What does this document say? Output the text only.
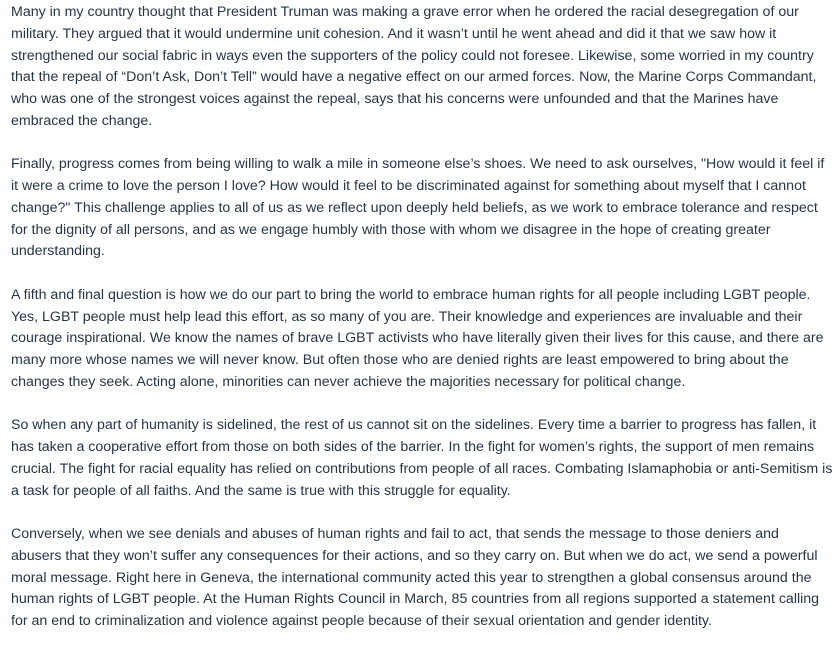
Many in my country thought that President Truman was making a grave error when he ordered the racial desegregation of our military. They argued that it would undermine unit cohesion. And it wasn’t until he went ahead and did it that we saw how it strengthened our social fabric in ways even the supporters of the policy could not foresee. Likewise, some worried in my country that the repeal of “Don’t Ask, Don’t Tell” would have a negative effect on our armed forces. Now, the Marine Corps Commandant, who was one of the strongest voices against the repeal, says that his concerns were unfounded and that the Marines have embraced the change.

Finally, progress comes from being willing to walk a mile in someone else’s shoes. We need to ask ourselves, "How would it feel if it were a crime to love the person I love? How would it feel to be discriminated against for something about myself that I cannot change?" This challenge applies to all of us as we reflect upon deeply held beliefs, as we work to embrace tolerance and respect for the dignity of all persons, and as we engage humbly with those with whom we disagree in the hope of creating greater understanding.

A fifth and final question is how we do our part to bring the world to embrace human rights for all people including LGBT people. Yes, LGBT people must help lead this effort, as so many of you are. Their knowledge and experiences are invaluable and their courage inspirational. We know the names of brave LGBT activists who have literally given their lives for this cause, and there are many more whose names we will never know. But often those who are denied rights are least empowered to bring about the changes they seek. Acting alone, minorities can never achieve the majorities necessary for political change.

So when any part of humanity is sidelined, the rest of us cannot sit on the sidelines. Every time a barrier to progress has fallen, it has taken a cooperative effort from those on both sides of the barrier. In the fight for women’s rights, the support of men remains crucial. The fight for racial equality has relied on contributions from people of all races. Combating Islamaphobia or anti-Semitism is a task for people of all faiths. And the same is true with this struggle for equality.

Conversely, when we see denials and abuses of human rights and fail to act, that sends the message to those deniers and abusers that they won’t suffer any consequences for their actions, and so they carry on. But when we do act, we send a powerful moral message. Right here in Geneva, the international community acted this year to strengthen a global consensus around the human rights of LGBT people. At the Human Rights Council in March, 85 countries from all regions supported a statement calling for an end to criminalization and violence against people because of their sexual orientation and gender identity.
